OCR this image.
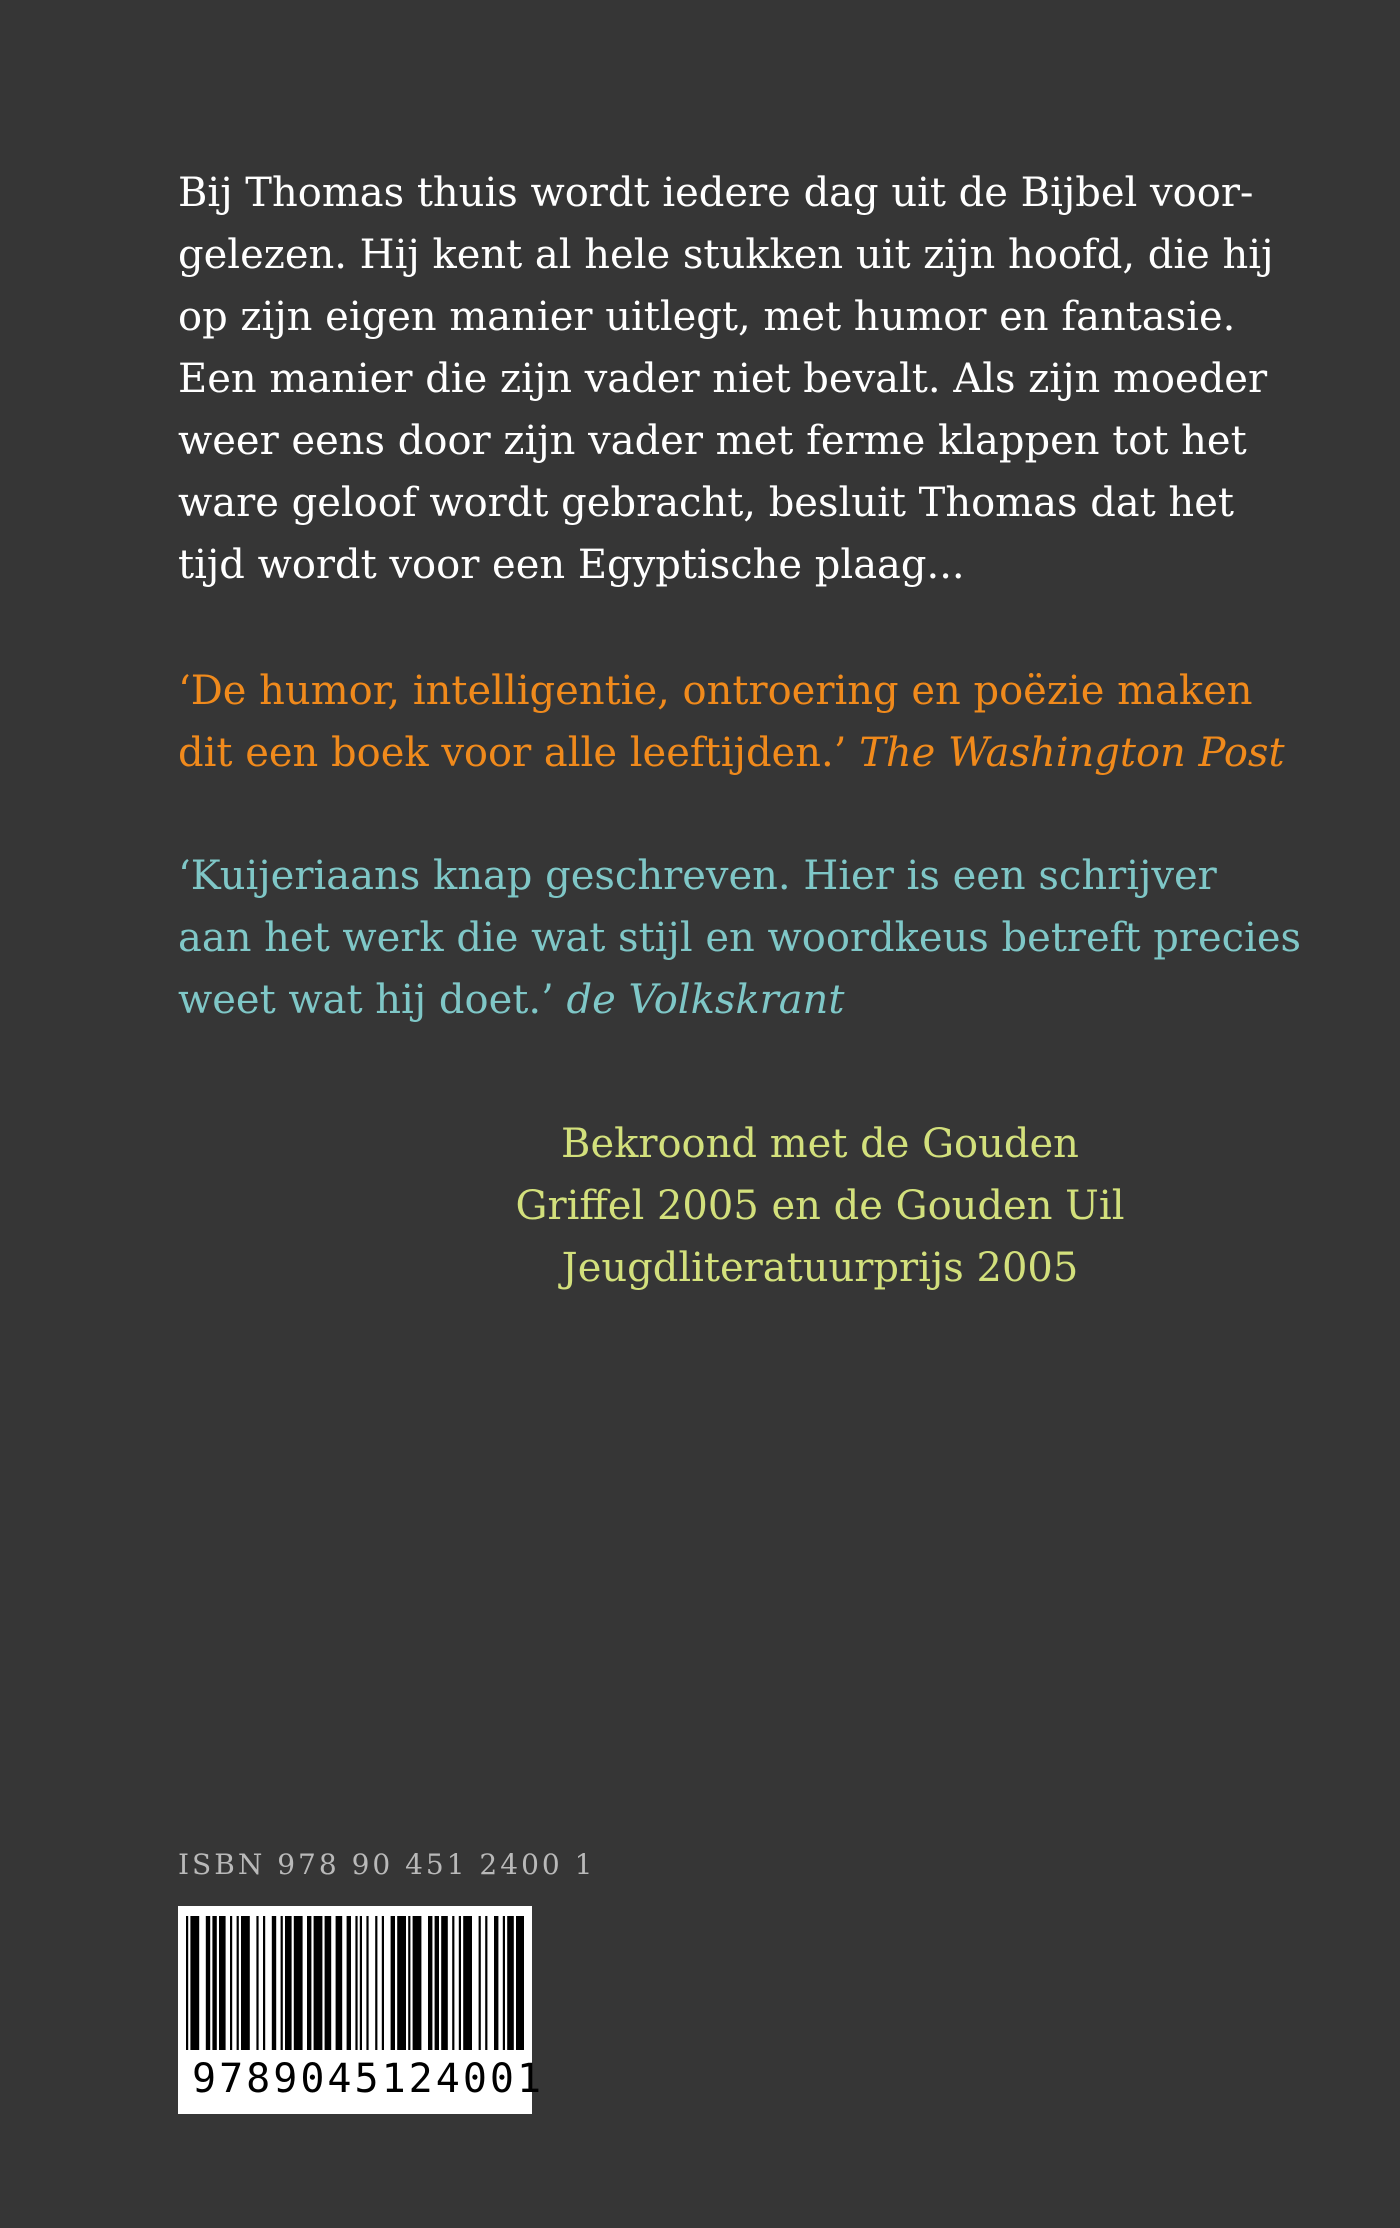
Bij Thomas thuis wordt iedere dag uit de Bijbel voor-
gelezen. Hij kent al hele stukken uit zijn hoofd, die hij
op zijn eigen manier uitlegt, met humor en fantasie.
Een manier die zijn vader niet bevalt. Als zijn moeder
weer eens door zijn vader met ferme klappen tot het
ware geloof wordt gebracht, besluit Thomas dat het
tijd wordt voor een Egyptische plaag...
‘De humor, intelligentie, ontroering en poëzie maken
dit een boek voor alle leeftijden.’ The Washington Post
‘Kuijeriaans knap geschreven. Hier is een schrijver
aan het werk die wat stijl en woordkeus betreft precies
weet wat hij doet.’ de Volkskrant
Bekroond met de Gouden
Griffel 2005 en de Gouden Uil
Jeugdliteratuurprijs 2005
ISBN 978 90 451 2400 1
9789045124001
